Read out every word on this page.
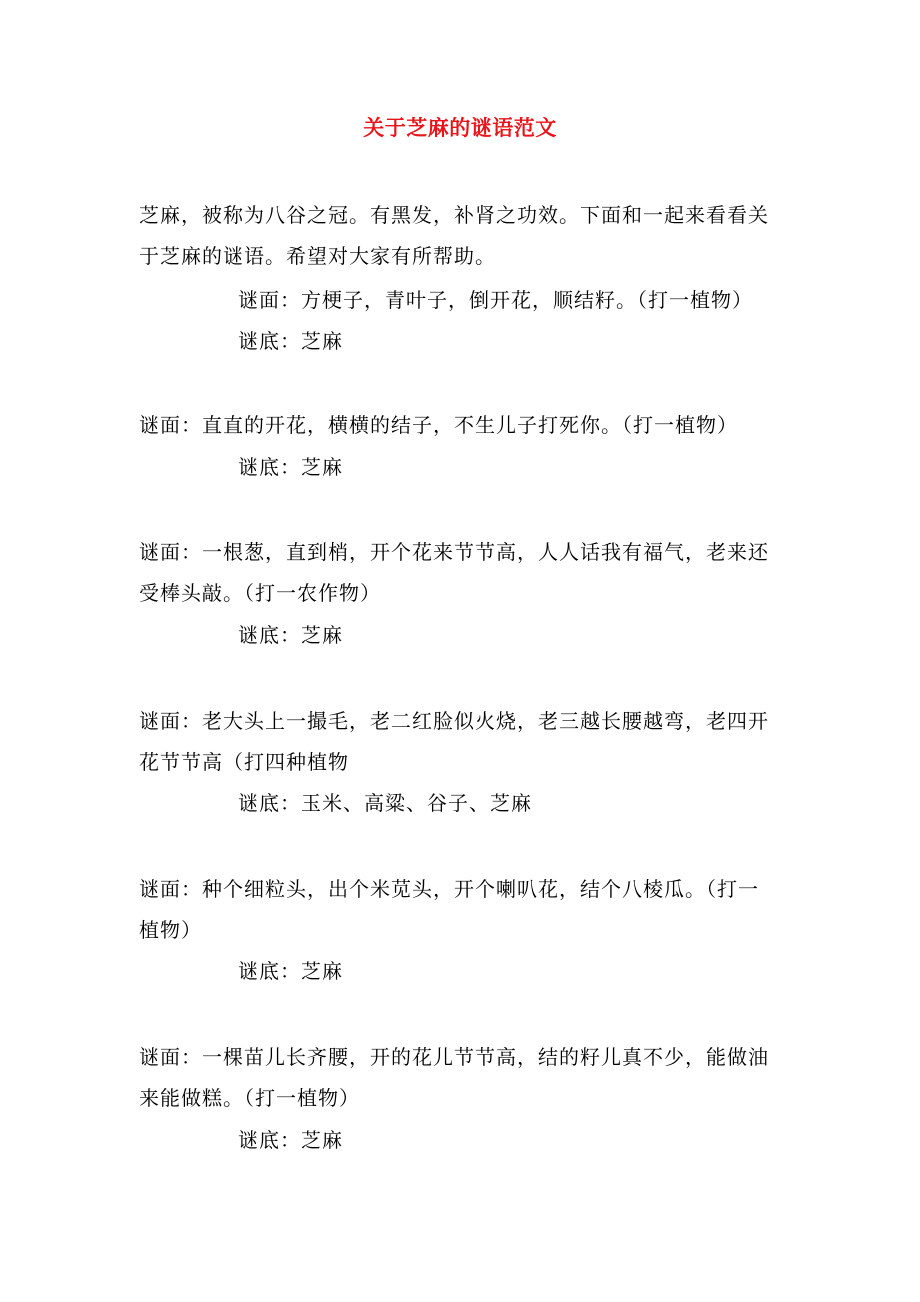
关于芝麻的谜语范文
芝麻，被称为八谷之冠。有黑发，补肾之功效。下面和一起来看看关于芝麻的谜语。希望对大家有所帮助。
谜面：方梗子，青叶子，倒开花，顺结籽。（打一植物）
谜底：芝麻
谜面：直直的开花，横横的结子，不生儿子打死你。（打一植物）
谜底：芝麻
谜面：一根葱，直到梢，开个花来节节高，人人话我有福气，老来还受棒头敲。（打一农作物）
谜底：芝麻
谜面：老大头上一撮毛，老二红脸似火烧，老三越长腰越弯，老四开花节节高（打四种植物
谜底：玉米、高粱、谷子、芝麻
谜面：种个细粒头，出个米苋头，开个喇叭花，结个八棱瓜。（打一植物）
谜底：芝麻
谜面：一棵苗儿长齐腰，开的花儿节节高，结的籽儿真不少，能做油来能做糕。（打一植物）
谜底：芝麻
